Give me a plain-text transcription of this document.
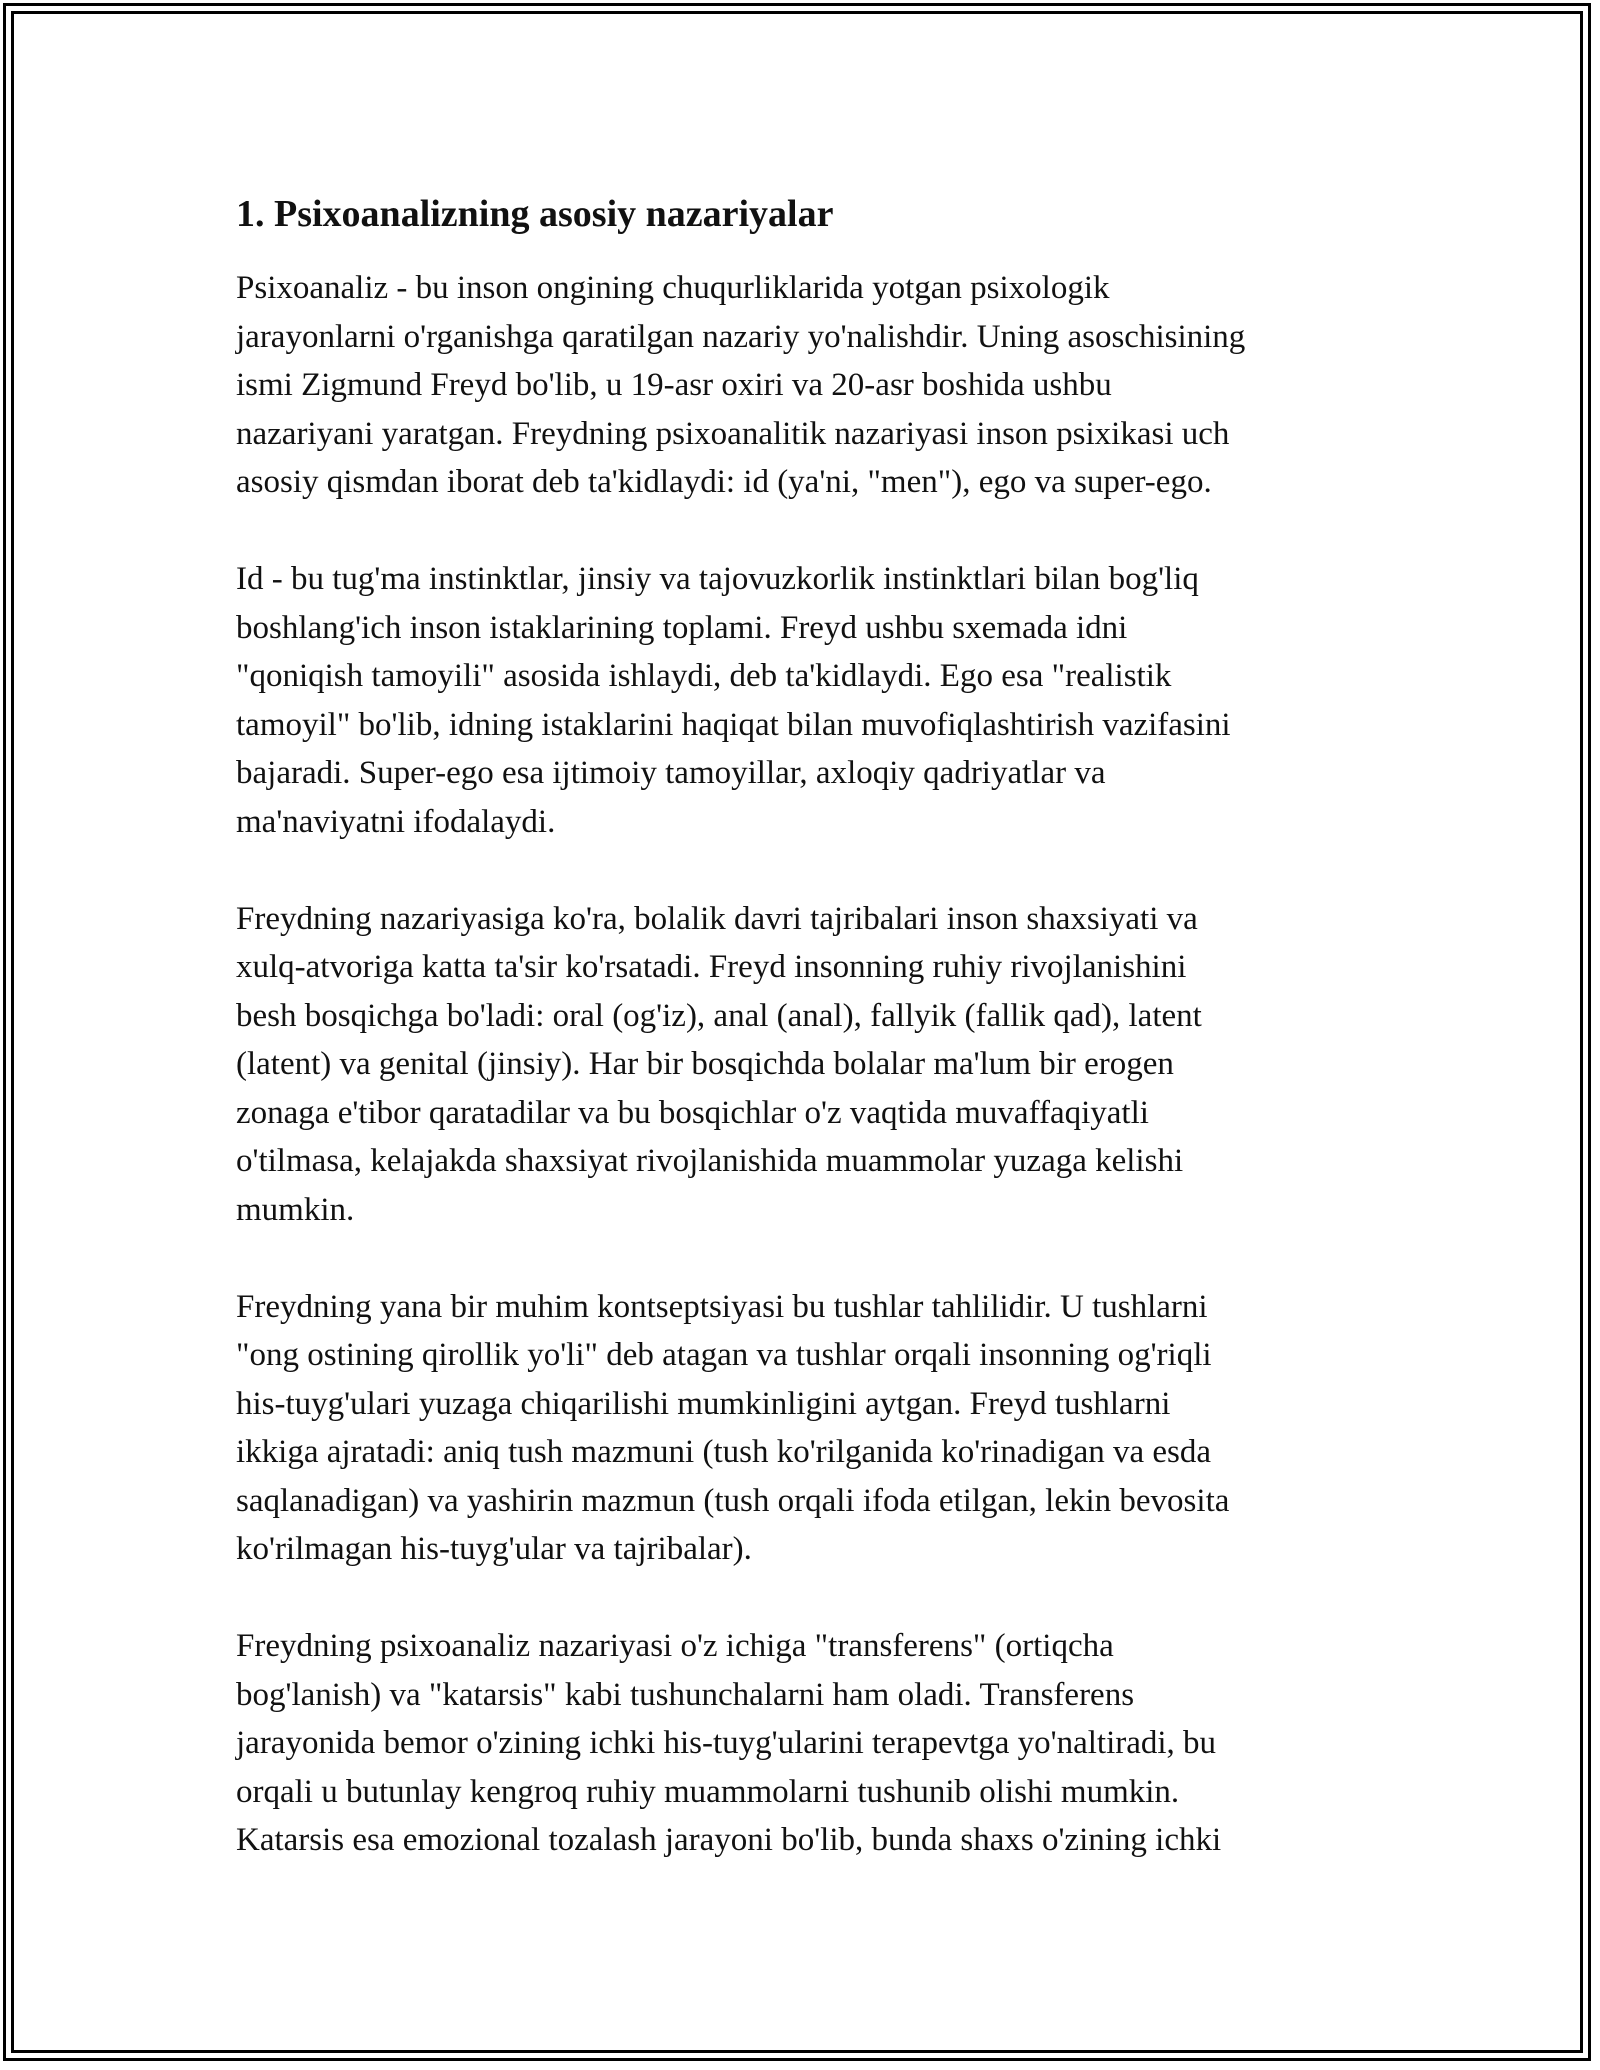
1. Psixoanalizning asosiy nazariyalar

Psixoanaliz - bu inson ongining chuqurliklarida yotgan psixologik
jarayonlarni o'rganishga qaratilgan nazariy yo'nalishdir. Uning asoschisining
ismi Zigmund Freyd bo'lib, u 19-asr oxiri va 20-asr boshida ushbu
nazariyani yaratgan. Freydning psixoanalitik nazariyasi inson psixikasi uch
asosiy qismdan iborat deb ta'kidlaydi: id (ya'ni, "men"), ego va super-ego.

Id - bu tug'ma instinktlar, jinsiy va tajovuzkorlik instinktlari bilan bog'liq
boshlang'ich inson istaklarining toplami. Freyd ushbu sxemada idni
"qoniqish tamoyili" asosida ishlaydi, deb ta'kidlaydi. Ego esa "realistik
tamoyil" bo'lib, idning istaklarini haqiqat bilan muvofiqlashtirish vazifasini
bajaradi. Super-ego esa ijtimoiy tamoyillar, axloqiy qadriyatlar va
ma'naviyatni ifodalaydi.

Freydning nazariyasiga ko'ra, bolalik davri tajribalari inson shaxsiyati va
xulq-atvoriga katta ta'sir ko'rsatadi. Freyd insonning ruhiy rivojlanishini
besh bosqichga bo'ladi: oral (og'iz), anal (anal), fallyik (fallik qad), latent
(latent) va genital (jinsiy). Har bir bosqichda bolalar ma'lum bir erogen
zonaga e'tibor qaratadilar va bu bosqichlar o'z vaqtida muvaffaqiyatli
o'tilmasa, kelajakda shaxsiyat rivojlanishida muammolar yuzaga kelishi
mumkin.

Freydning yana bir muhim kontseptsiyasi bu tushlar tahlilidir. U tushlarni
"ong ostining qirollik yo'li" deb atagan va tushlar orqali insonning og'riqli
his-tuyg'ulari yuzaga chiqarilishi mumkinligini aytgan. Freyd tushlarni
ikkiga ajratadi: aniq tush mazmuni (tush ko'rilganida ko'rinadigan va esda
saqlanadigan) va yashirin mazmun (tush orqali ifoda etilgan, lekin bevosita
ko'rilmagan his-tuyg'ular va tajribalar).

Freydning psixoanaliz nazariyasi o'z ichiga "transferens" (ortiqcha
bog'lanish) va "katarsis" kabi tushunchalarni ham oladi. Transferens
jarayonida bemor o'zining ichki his-tuyg'ularini terapevtga yo'naltiradi, bu
orqali u butunlay kengroq ruhiy muammolarni tushunib olishi mumkin.
Katarsis esa emozional tozalash jarayoni bo'lib, bunda shaxs o'zining ichki
